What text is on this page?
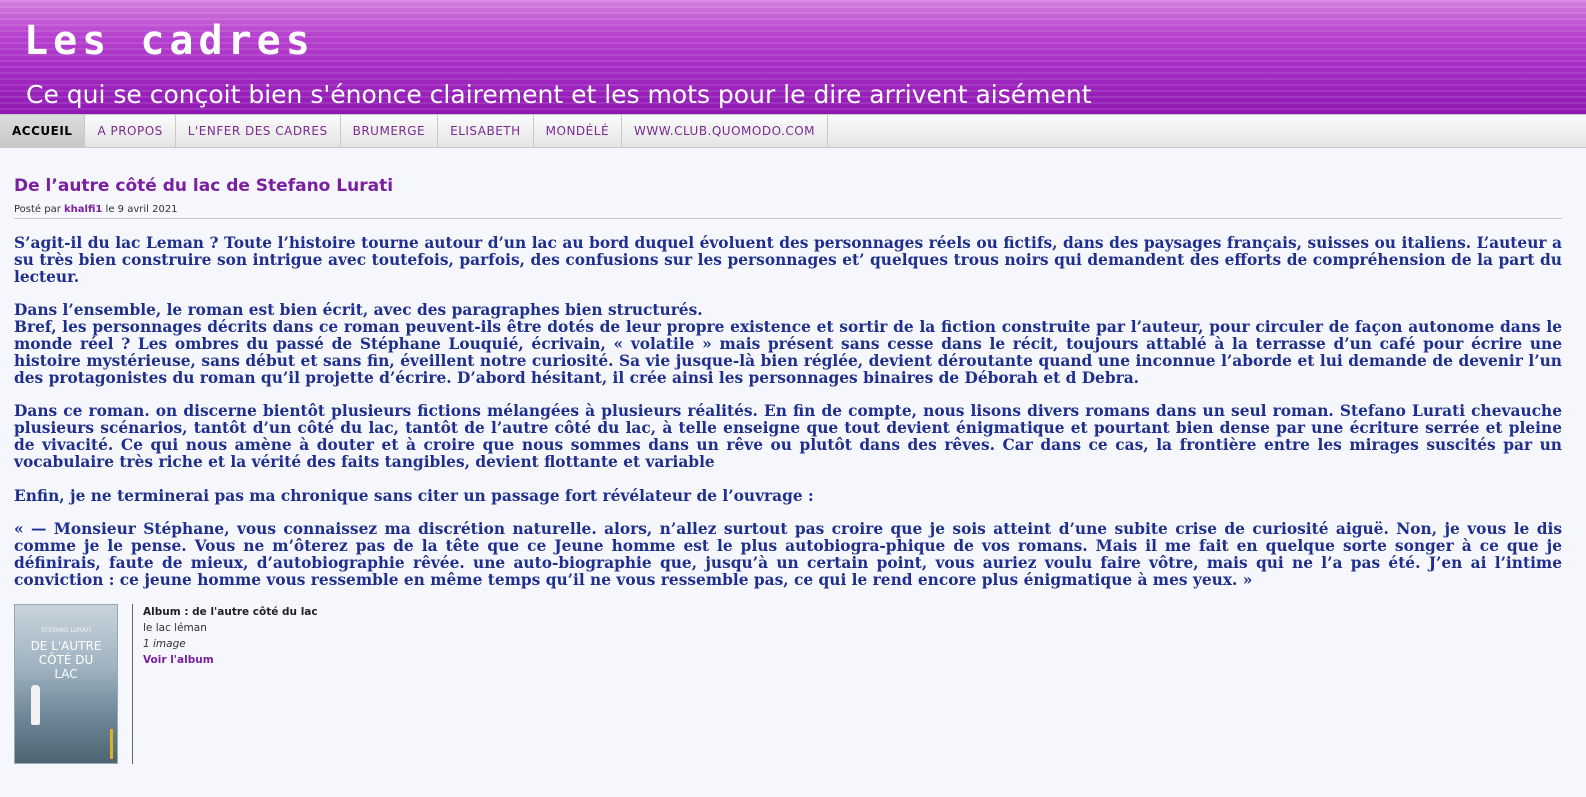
Les cadres

Ce qui se conçoit bien s'énonce clairement et les mots pour le dire arrivent aisément

ACCUEIL	A PROPOS	L'ENFER DES CADRES	BRUMERGE	ELISABETH	MONDÉLÉ	WWW.CLUB.QUOMODO.COM
De l’autre côté du lac de Stefano Lurati
Posté par khalfi1 le 9 avril 2021

S’agit-il du lac Leman ? Toute l’histoire tourne autour d’un lac au bord duquel évoluent des personnages réels ou fictifs, dans des paysages français, suisses ou italiens. L’auteur a su très bien construire son intrigue avec toutefois, parfois, des confusions sur les personnages et’ quelques trous noirs qui demandent des efforts de compréhension de la part du lecteur.

Dans l’ensemble, le roman est bien écrit, avec des paragraphes bien structurés.

Bref, les personnages décrits dans ce roman peuvent-ils être dotés de leur propre existence et sortir de la fiction construite par l’auteur, pour circuler de façon autonome dans le monde réel ? Les ombres du passé de Stéphane Louquié, écrivain, « volatile » mais présent sans cesse dans le récit, toujours attablé à la terrasse d’un café pour écrire une histoire mystérieuse, sans début et sans fin, éveillent notre curiosité. Sa vie jusque-là bien réglée, devient déroutante quand une inconnue l’aborde et lui demande de devenir l’un des protagonistes du roman qu’il projette d’écrire. D’abord hésitant, il crée ainsi les personnages binaires de Déborah et d Debra.

Dans ce roman. on discerne bientôt plusieurs fictions mélangées à plusieurs réalités. En fin de compte, nous lisons divers romans dans un seul roman. Stefano Lurati chevauche plusieurs scénarios, tantôt d’un côté du lac, tantôt de l’autre côté du lac, à telle enseigne que tout devient énigmatique et pourtant bien dense par une écriture serrée et pleine de vivacité. Ce qui nous amène à douter et à croire que nous sommes dans un rêve ou plutôt dans des rêves. Car dans ce cas, la frontière entre les mirages suscités par un vocabulaire très riche et la vérité des faits tangibles, devient flottante et variable

Enfin, je ne terminerai pas ma chronique sans citer un passage fort révélateur de l’ouvrage :

« — Monsieur Stéphane, vous connaissez ma discrétion naturelle. alors, n’allez surtout pas croire que je sois atteint d’une subite crise de curiosité aiguë. Non, je vous le dis comme je le pense. Vous ne m’ôterez pas de la tête que ce Jeune homme est le plus autobiogra-phique de vos romans. Mais il me fait en quelque sorte songer à ce que je définirais, faute de mieux, d’autobiographie rêvée. une auto-biographie que, jusqu’à un certain point, vous auriez voulu faire vôtre, mais qui ne l’a pas été. J’en ai l’intime conviction : ce jeune homme vous ressemble en même temps qu’il ne vous ressemble pas, ce qui le rend encore plus énigmatique à mes yeux. »

STEFANO LURATI
DE L'AUTRE
CÔTÉ DU
LAC
Album : de l'autre côté du lac
le lac léman
1 image
Voir l'album
